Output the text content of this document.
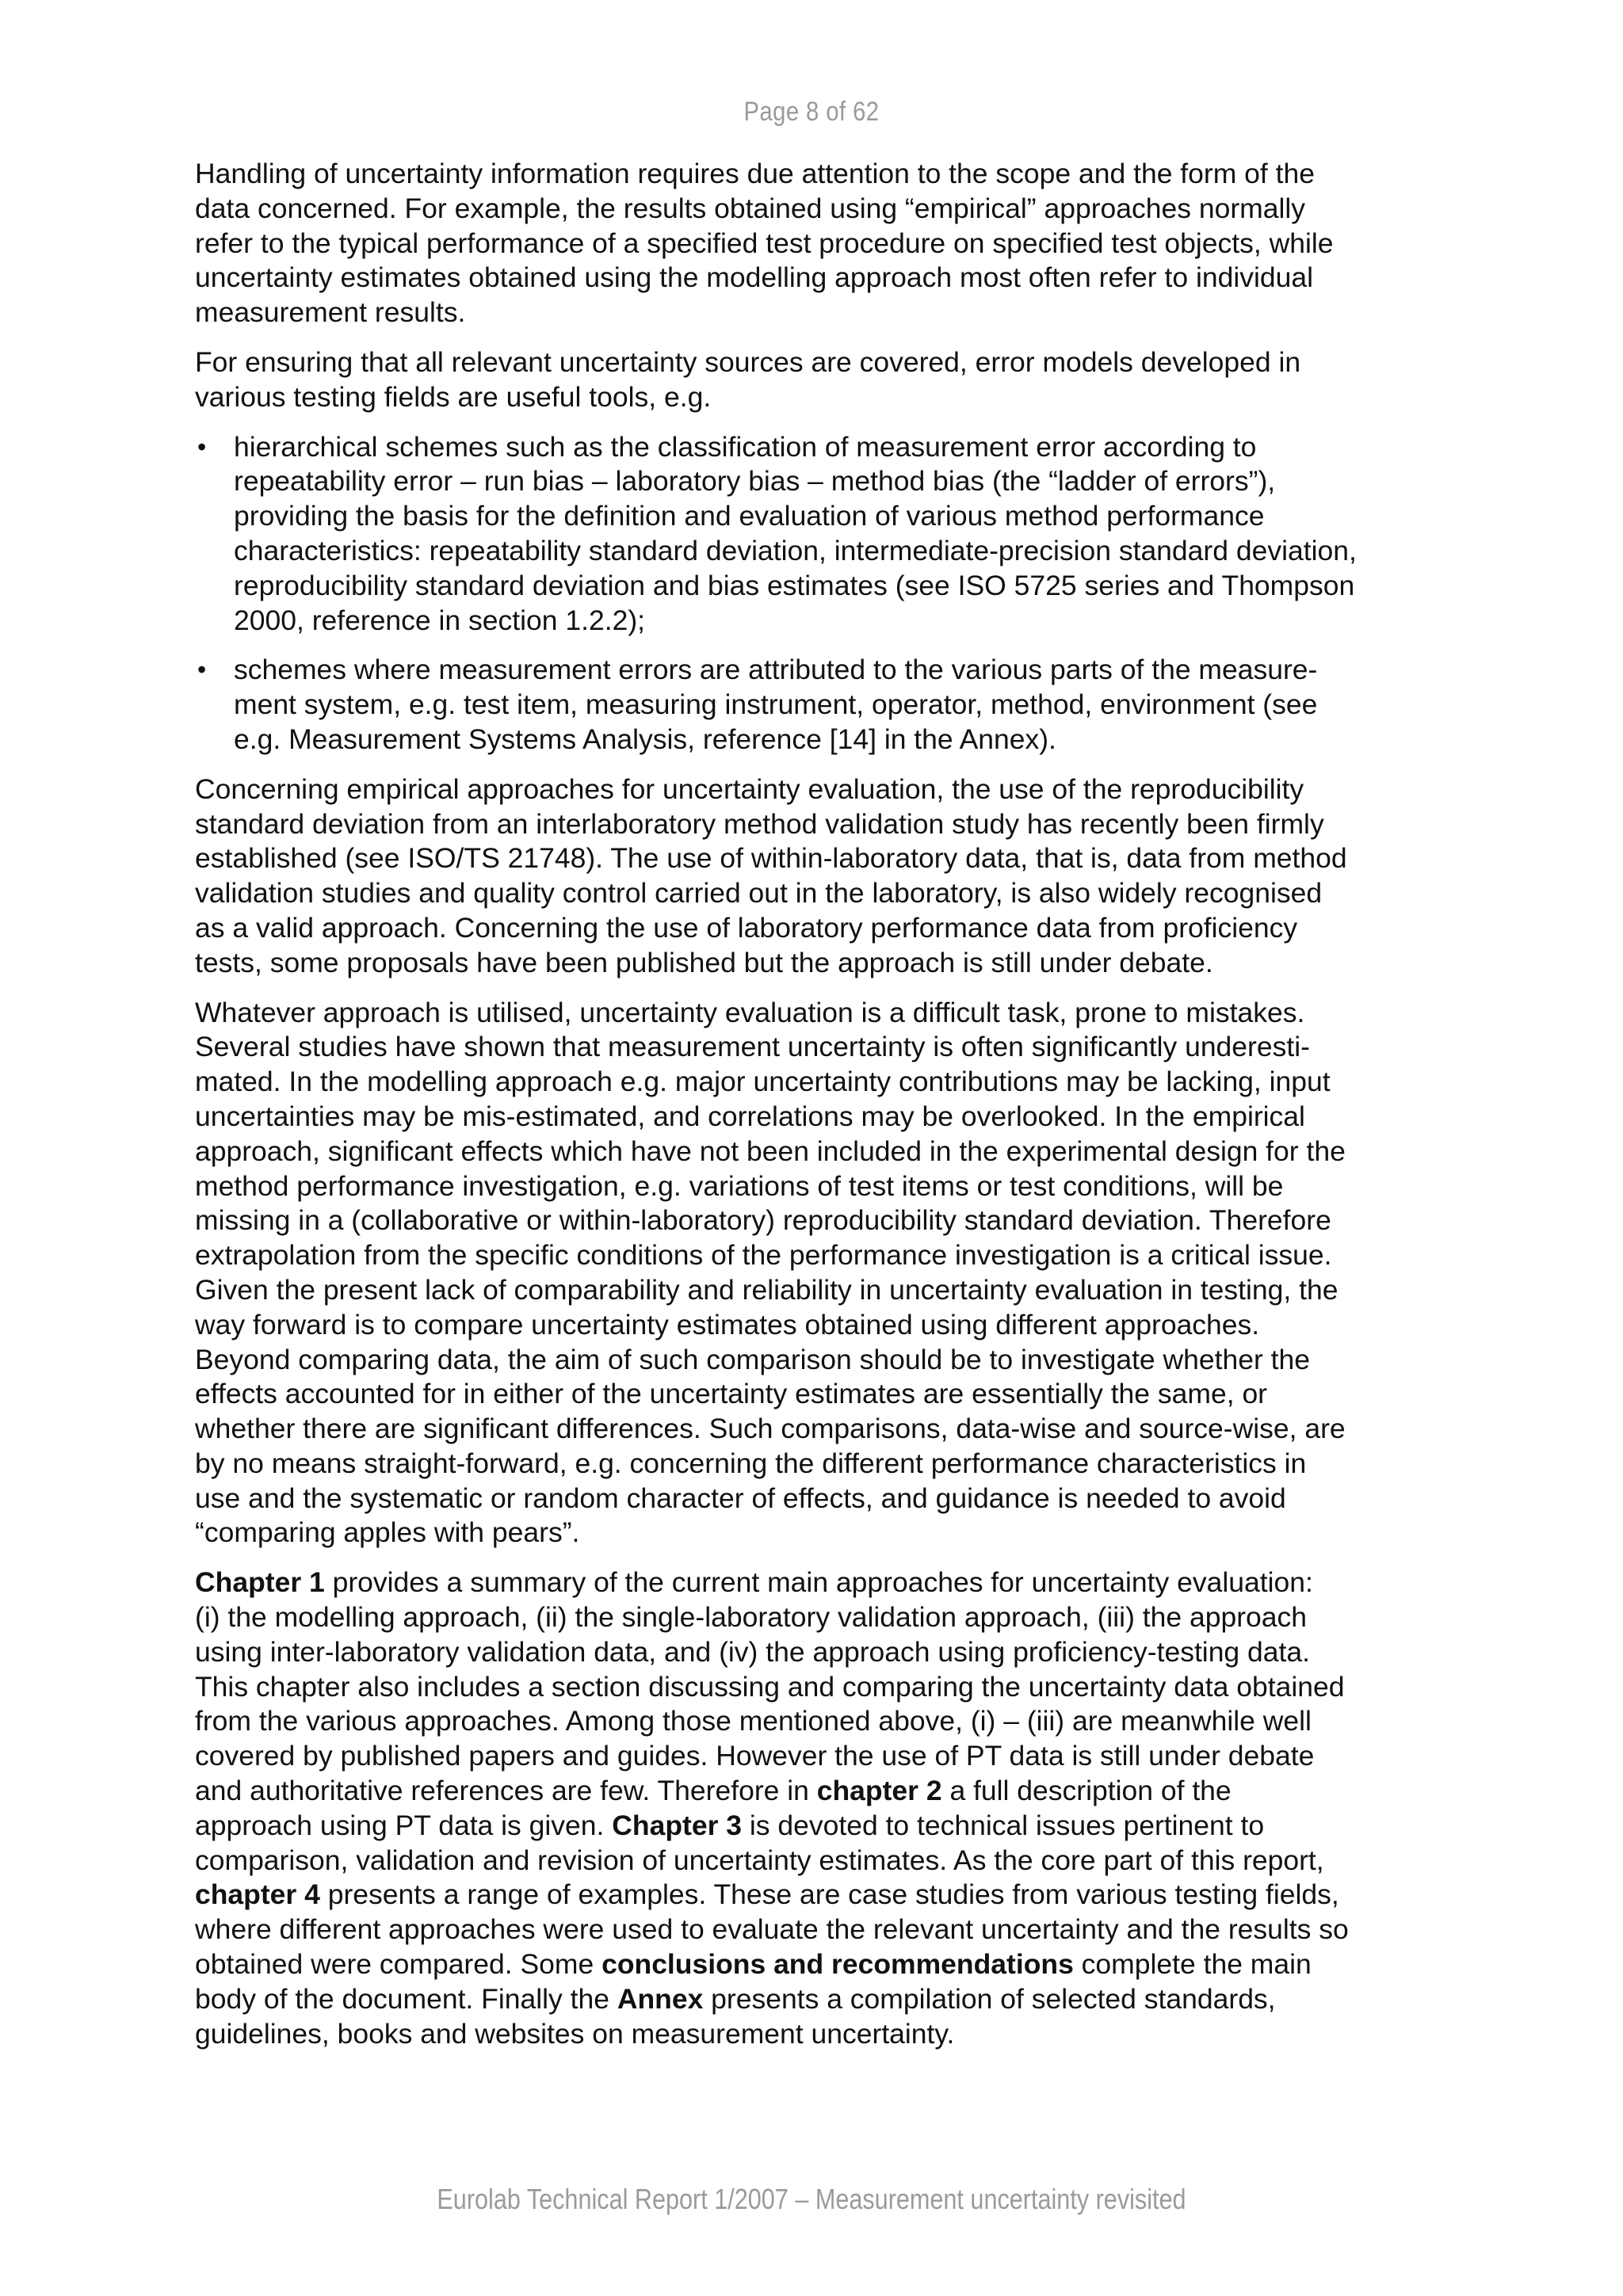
Page 8 of 62

Handling of uncertainty information requires due attention to the scope and the form of the
data concerned. For example, the results obtained using “empirical” approaches normally
refer to the typical performance of a specified test procedure on specified test objects, while
uncertainty estimates obtained using the modelling approach most often refer to individual
measurement results.

For ensuring that all relevant uncertainty sources are covered, error models developed in
various testing fields are useful tools, e.g.

• hierarchical schemes such as the classification of measurement error according to
repeatability error – run bias – laboratory bias – method bias (the “ladder of errors”),
providing the basis for the definition and evaluation of various method performance
characteristics: repeatability standard deviation, intermediate-precision standard deviation,
reproducibility standard deviation and bias estimates (see ISO 5725 series and Thompson
2000, reference in section 1.2.2);
• schemes where measurement errors are attributed to the various parts of the measure-
ment system, e.g. test item, measuring instrument, operator, method, environment (see
e.g. Measurement Systems Analysis, reference [14] in the Annex).

Concerning empirical approaches for uncertainty evaluation, the use of the reproducibility
standard deviation from an interlaboratory method validation study has recently been firmly
established (see ISO/TS 21748). The use of within-laboratory data, that is, data from method
validation studies and quality control carried out in the laboratory, is also widely recognised
as a valid approach. Concerning the use of laboratory performance data from proficiency
tests, some proposals have been published but the approach is still under debate.

Whatever approach is utilised, uncertainty evaluation is a difficult task, prone to mistakes.
Several studies have shown that measurement uncertainty is often significantly underesti-
mated. In the modelling approach e.g. major uncertainty contributions may be lacking, input
uncertainties may be mis-estimated, and correlations may be overlooked. In the empirical
approach, significant effects which have not been included in the experimental design for the
method performance investigation, e.g. variations of test items or test conditions, will be
missing in a (collaborative or within-laboratory) reproducibility standard deviation. Therefore
extrapolation from the specific conditions of the performance investigation is a critical issue.
Given the present lack of comparability and reliability in uncertainty evaluation in testing, the
way forward is to compare uncertainty estimates obtained using different approaches.
Beyond comparing data, the aim of such comparison should be to investigate whether the
effects accounted for in either of the uncertainty estimates are essentially the same, or
whether there are significant differences. Such comparisons, data-wise and source-wise, are
by no means straight-forward, e.g. concerning the different performance characteristics in
use and the systematic or random character of effects, and guidance is needed to avoid
“comparing apples with pears”.

Chapter 1 provides a summary of the current main approaches for uncertainty evaluation:
(i) the modelling approach, (ii) the single-laboratory validation approach, (iii) the approach
using inter-laboratory validation data, and (iv) the approach using proficiency-testing data.
This chapter also includes a section discussing and comparing the uncertainty data obtained
from the various approaches. Among those mentioned above, (i) – (iii) are meanwhile well
covered by published papers and guides. However the use of PT data is still under debate
and authoritative references are few. Therefore in chapter 2 a full description of the
approach using PT data is given. Chapter 3 is devoted to technical issues pertinent to
comparison, validation and revision of uncertainty estimates. As the core part of this report,
chapter 4 presents a range of examples. These are case studies from various testing fields,
where different approaches were used to evaluate the relevant uncertainty and the results so
obtained were compared. Some conclusions and recommendations complete the main
body of the document. Finally the Annex presents a compilation of selected standards,
guidelines, books and websites on measurement uncertainty.

Eurolab Technical Report 1/2007 – Measurement uncertainty revisited
